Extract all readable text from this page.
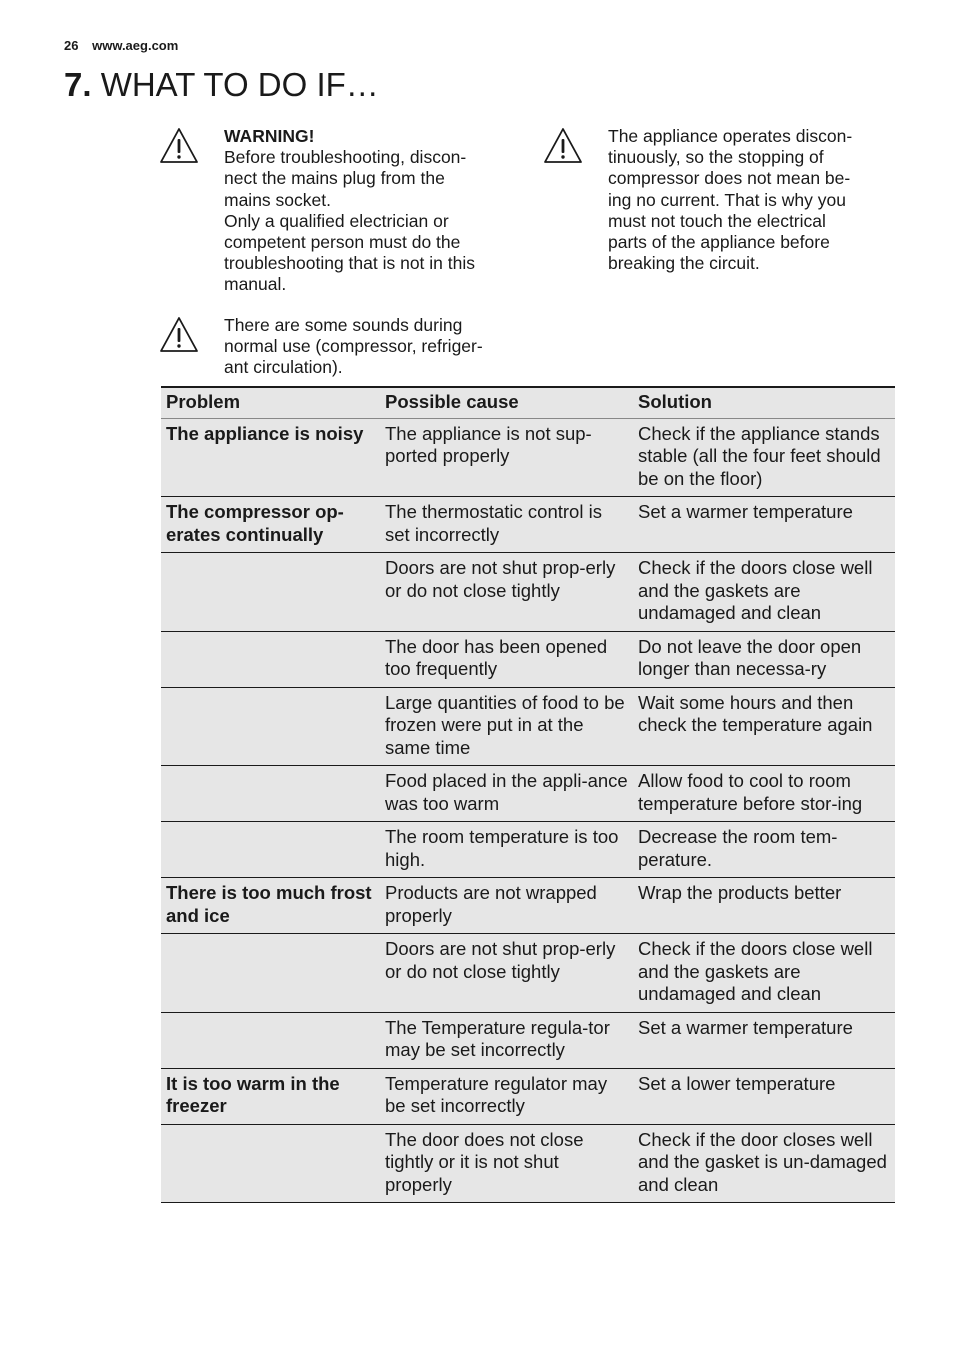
26 www.aeg.com
7. WHAT TO DO IF…
WARNING!
Before troubleshooting, discon-
nect the mains plug from the
mains socket.
Only a qualified electrician or
competent person must do the
troubleshooting that is not in this
manual.
The appliance operates discon-
tinuously, so the stopping of
compressor does not mean be-
ing no current. That is why you
must not touch the electrical
parts of the appliance before
breaking the circuit.
There are some sounds during
normal use (compressor, refriger-
ant circulation).
Problem	Possible cause	Solution
The appliance is noisy	The appliance is not sup-ported properly	Check if the appliance stands stable (all the four feet should be on the floor)
The compressor op-erates continually	The thermostatic control is set incorrectly	Set a warmer temperature
	Doors are not shut prop-erly or do not close tightly	Check if the doors close well and the gaskets are undamaged and clean
	The door has been opened too frequently	Do not leave the door open longer than necessa-ry
	Large quantities of food to be frozen were put in at the same time	Wait some hours and then check the temperature again
	Food placed in the appli-ance was too warm	Allow food to cool to room temperature before stor-ing
	The room temperature is too high.	Decrease the room tem-perature.
There is too much frost and ice	Products are not wrapped properly	Wrap the products better
	Doors are not shut prop-erly or do not close tightly	Check if the doors close well and the gaskets are undamaged and clean
	The Temperature regula-tor may be set incorrectly	Set a warmer temperature
It is too warm in the freezer	Temperature regulator may be set incorrectly	Set a lower temperature
	The door does not close tightly or it is not shut properly	Check if the door closes well and the gasket is un-damaged and clean
